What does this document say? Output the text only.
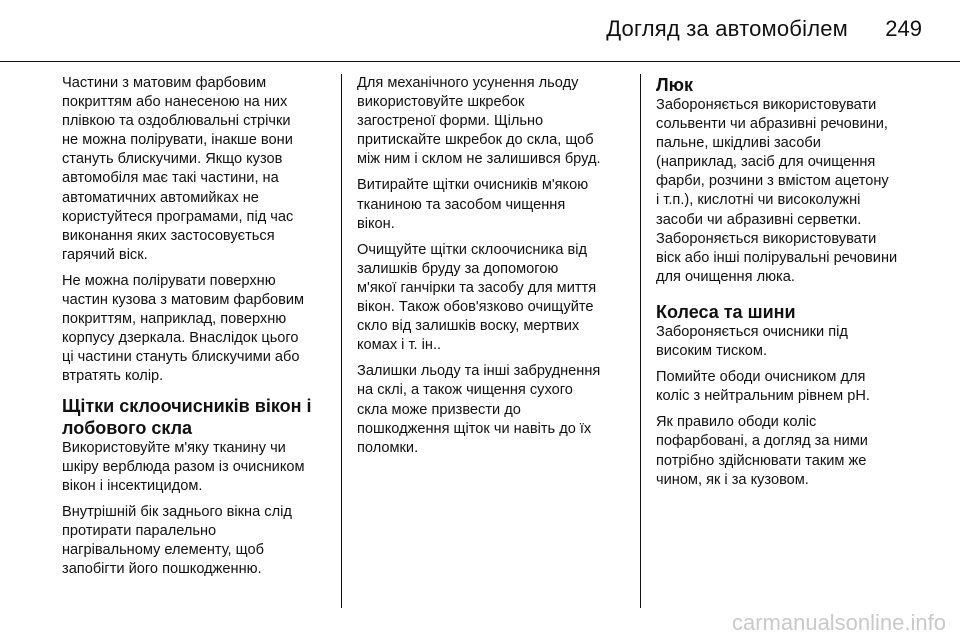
Догляд за автомобілем 249

Частини з матовим фарбовим
покриттям або нанесеною на них
плівкою та оздоблювальні стрічки
не можна полірувати, інакше вони
стануть блискучими. Якщо кузов
автомобіля має такі частини, на
автоматичних автомийках не
користуйтеся програмами, під час
виконання яких застосовується
гарячий віск.

Не можна полірувати поверхню
частин кузова з матовим фарбовим
покриттям, наприклад, поверхню
корпусу дзеркала. Внаслідок цього
ці частини стануть блискучими або
втратять колір.

Щітки склоочисників вікон і
лобового скла

Використовуйте м'яку тканину чи
шкіру верблюда разом із очисником
вікон і інсектицидом.

Внутрішній бік заднього вікна слід
протирати паралельно
нагрівальному елементу, щоб
запобігти його пошкодженню.

Для механічного усунення льоду
використовуйте шкребок
загостреної форми. Щільно
притискайте шкребок до скла, щоб
між ним і склом не залишився бруд.

Витирайте щітки очисників м'якою
тканиною та засобом чищення
вікон.

Очищуйте щітки склоочисника від
залишків бруду за допомогою
м'якої ганчірки та засобу для миття
вікон. Також обов'язково очищуйте
скло від залишків воску, мертвих
комах і т. ін..

Залишки льоду та інші забруднення
на склі, а також чищення сухого
скла може призвести до
пошкодження щіток чи навіть до їх
поломки.

Люк

Забороняється використовувати
сольвенти чи абразивні речовини,
пальне, шкідливі засоби
(наприклад, засіб для очищення
фарби, розчини з вмістом ацетону
і т.п.), кислотні чи високолужні
засоби чи абразивні серветки.
Забороняється використовувати
віск або інші полірувальні речовини
для очищення люка.

Колеса та шини

Забороняється очисники під
високим тиском.

Помийте ободи очисником для
коліс з нейтральним рівнем pH.

Як правило ободи коліс
пофарбовані, а догляд за ними
потрібно здійснювати таким же
чином, як і за кузовом.

carmanualsonline.info
